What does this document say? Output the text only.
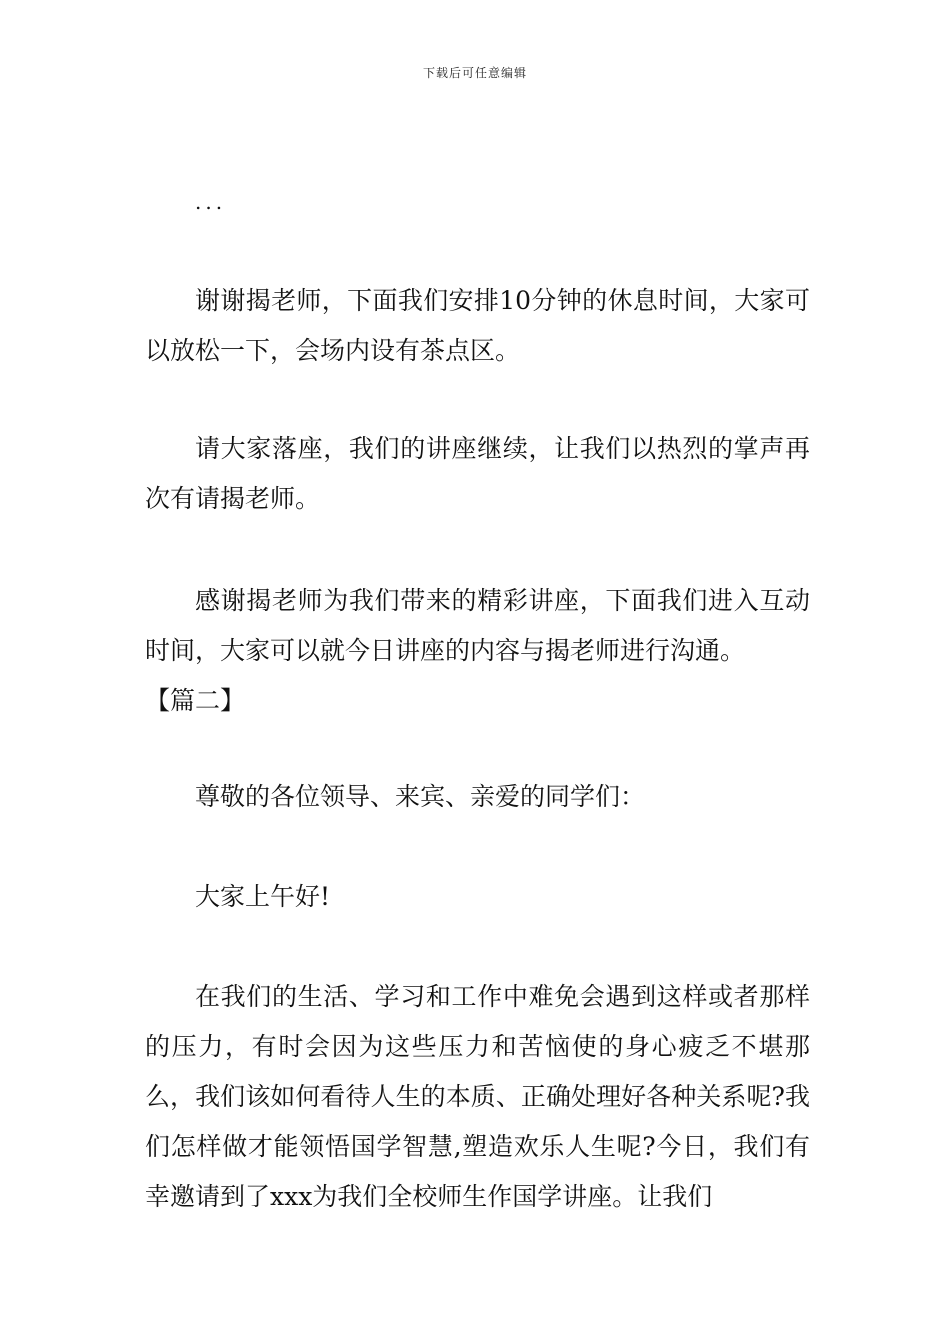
下载后可任意编辑
...

谢谢揭老师，下面我们安排10分钟的休息时间，大家可以放松一下，会场内设有茶点区。

请大家落座，我们的讲座继续，让我们以热烈的掌声再次有请揭老师。

感谢揭老师为我们带来的精彩讲座，下面我们进入互动时间，大家可以就今日讲座的内容与揭老师进行沟通。

【篇二】

尊敬的各位领导、来宾、亲爱的同学们：

大家上午好!

在我们的生活、学习和工作中难免会遇到这样或者那样的压力，有时会因为这些压力和苦恼使的身心疲乏不堪那么，我们该如何看待人生的本质、正确处理好各种关系呢?我们怎样做才能领悟国学智慧,塑造欢乐人生呢?今日，我们有幸邀请到了xxx为我们全校师生作国学讲座。让我们
